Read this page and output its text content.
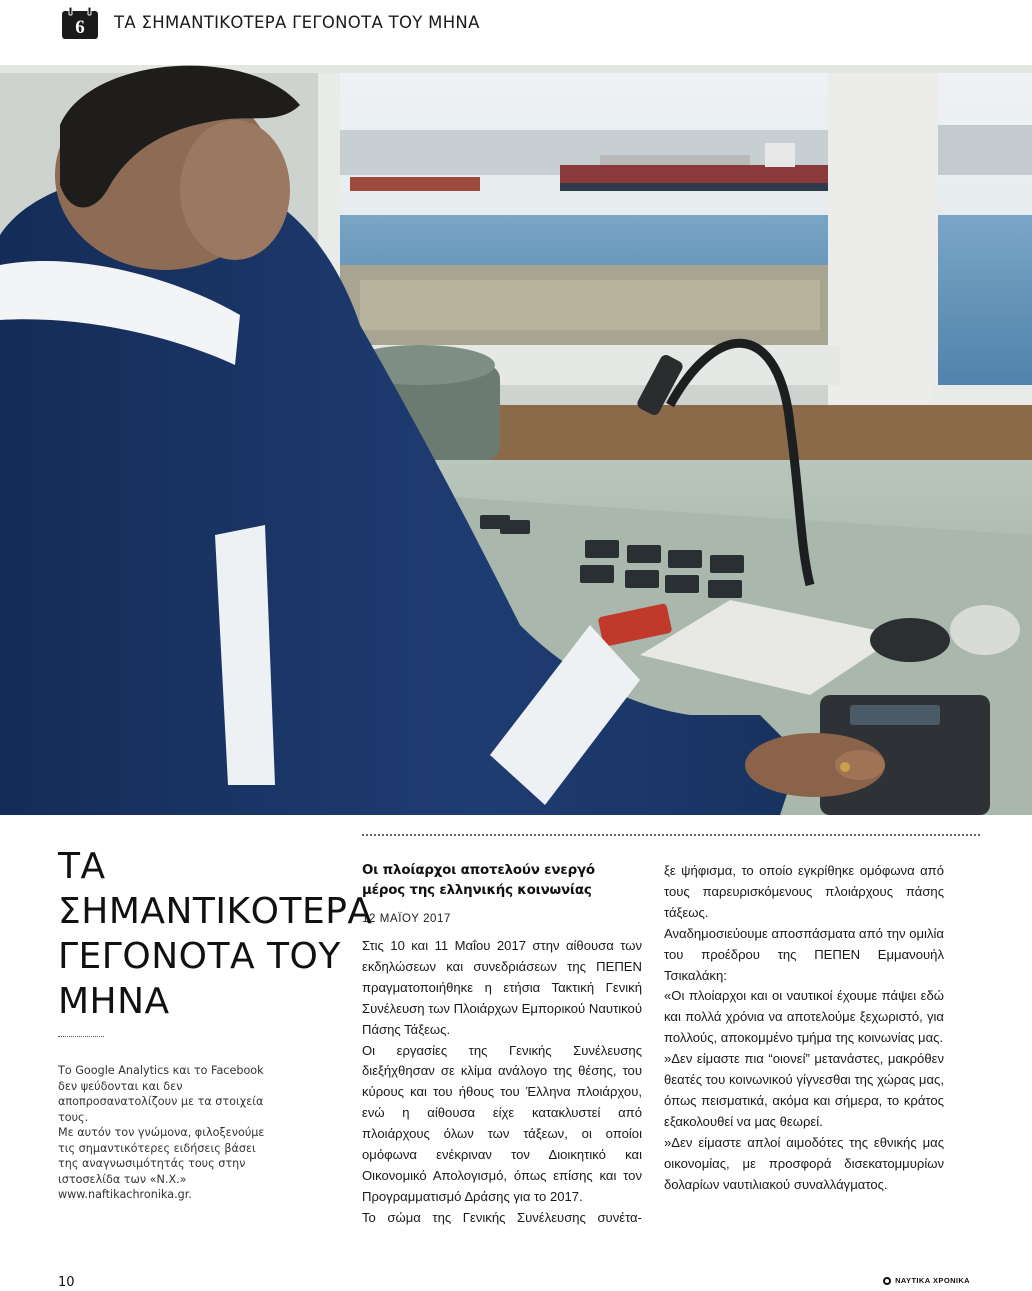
6 ΤΑ ΣΗΜΑΝΤΙΚΟΤΕΡΑ ΓΕΓΟΝΟΤΑ ΤΟΥ ΜΗΝΑ
ΤΑ
ΣΗΜΑΝΤΙΚΟΤΕΡΑ
ΓΕΓΟΝΟΤΑ ΤΟΥ
ΜΗΝΑ
Το Google Analytics και το Facebook δεν ψεύδονται και δεν αποπροσανατολίζουν με τα στοιχεία τους.
Με αυτόν τον γνώμονα, φιλοξενούμε τις σημαντικότερες ειδήσεις βάσει της αναγνωσιμότητάς τους στην ιστοσελίδα των «Ν.Χ.» www.naftikachronika.gr.
Οι πλοίαρχοι αποτελούν ενεργό μέρος της ελληνικής κοινωνίας
12 ΜΑΪΟΥ 2017

Στις 10 και 11 Μαΐου 2017 στην αίθουσα των εκδηλώσεων και συνεδριάσεων της ΠΕΠΕΝ πραγματοποιήθηκε η ετήσια Τακτική Γενική Συνέλευση των Πλοιάρχων Εμπορικού Ναυτικού Πάσης Τάξεως.

Οι εργασίες της Γενικής Συνέλευσης διεξήχθησαν σε κλίμα ανάλογο της θέσης, του κύρους και του ήθους του Έλληνα πλοιάρχου, ενώ η αίθουσα είχε κατακλυστεί από πλοιάρχους όλων των τάξεων, οι οποίοι ομόφωνα ενέκριναν τον Διοικητικό και Οικονομικό Απολογισμό, όπως επίσης και τον Προγραμματισμό Δράσης για το 2017.

Το σώμα της Γενικής Συνέλευσης συνέτα-

ξε ψήφισμα, το οποίο εγκρίθηκε ομόφωνα από τους παρευρισκόμενους πλοιάρχους πάσης τάξεως.

Αναδημοσιεύουμε αποσπάσματα από την ομιλία του προέδρου της ΠΕΠΕΝ Εμμανουήλ Τσικαλάκη:

«Οι πλοίαρχοι και οι ναυτικοί έχουμε πάψει εδώ και πολλά χρόνια να αποτελούμε ξεχωριστό, για πολλούς, αποκομμένο τμήμα της κοινωνίας μας.

»Δεν είμαστε πια “οιονεί” μετανάστες, μακρόθεν θεατές του κοινωνικού γίγνεσθαι της χώρας μας, όπως πεισματικά, ακόμα και σήμερα, το κράτος εξακολουθεί να μας θεωρεί.

»Δεν είμαστε απλοί αιμοδότες της εθνικής μας οικονομίας, με προσφορά δισεκατομμυρίων δολαρίων ναυτιλιακού συναλλάγματος.

10	ΝΑΥΤΙΚΑ ΧΡΟΝΙΚΑ
